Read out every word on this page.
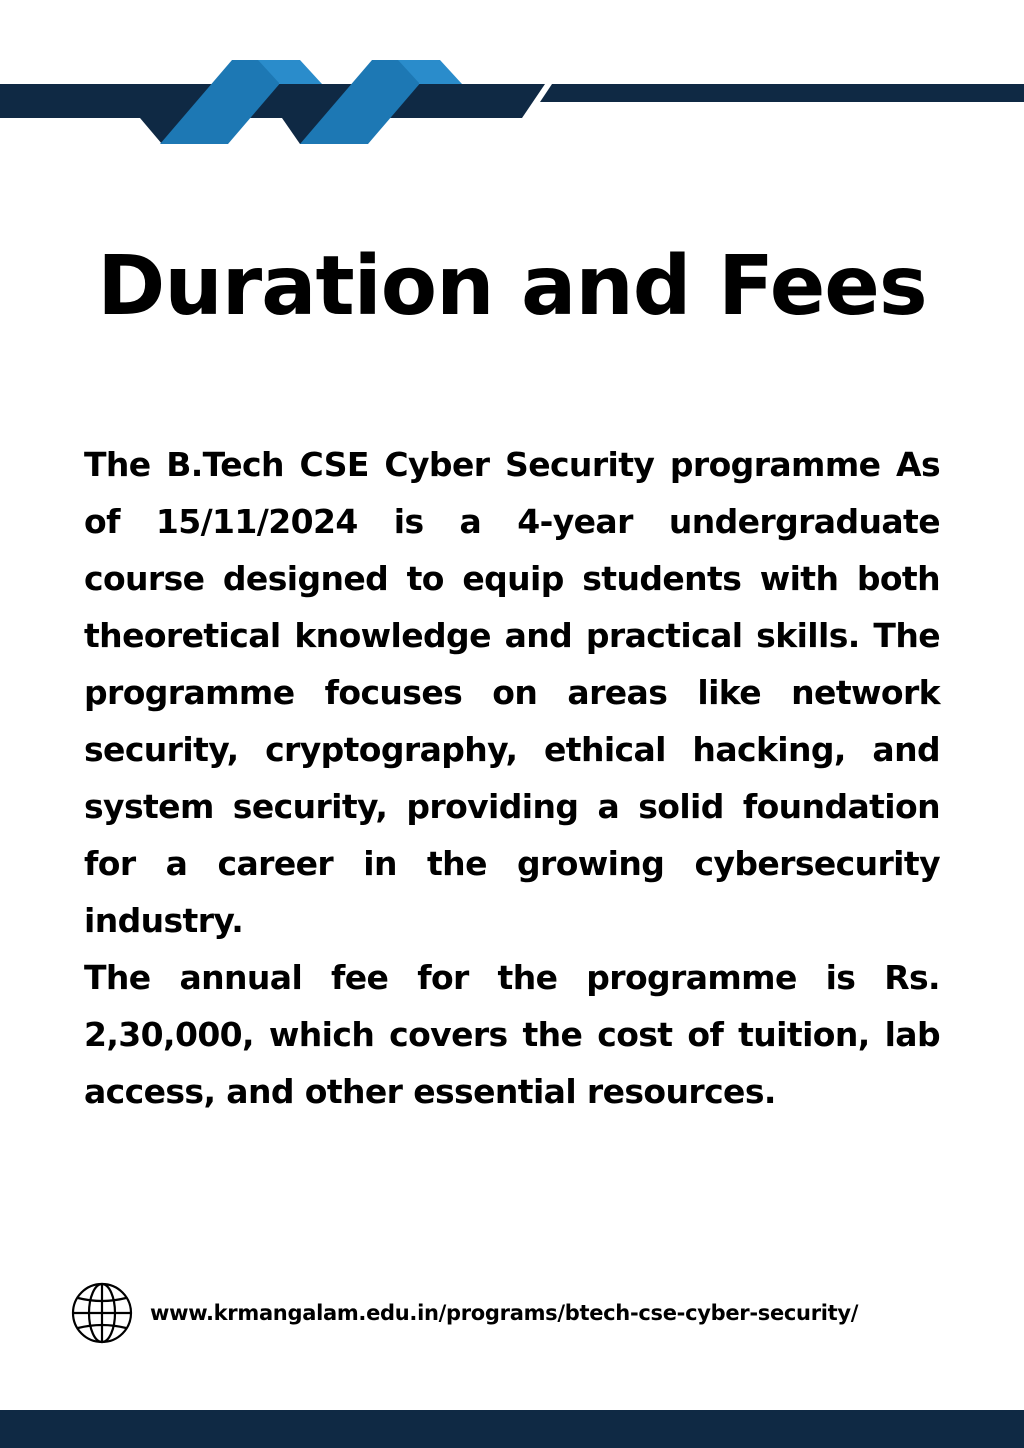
Duration and Fees

The B.Tech CSE Cyber Security programme As of 15/11/2024 is a 4-year undergraduate course designed to equip students with both theoretical knowledge and practical skills. The programme focuses on areas like network security, cryptography, ethical hacking, and system security, providing a solid foundation for a career in the growing cybersecurity industry.

The annual fee for the programme is Rs. 2,30,000, which covers the cost of tuition, lab access, and other essential resources.

www.krmangalam.edu.in/programs/btech-cse-cyber-security/
